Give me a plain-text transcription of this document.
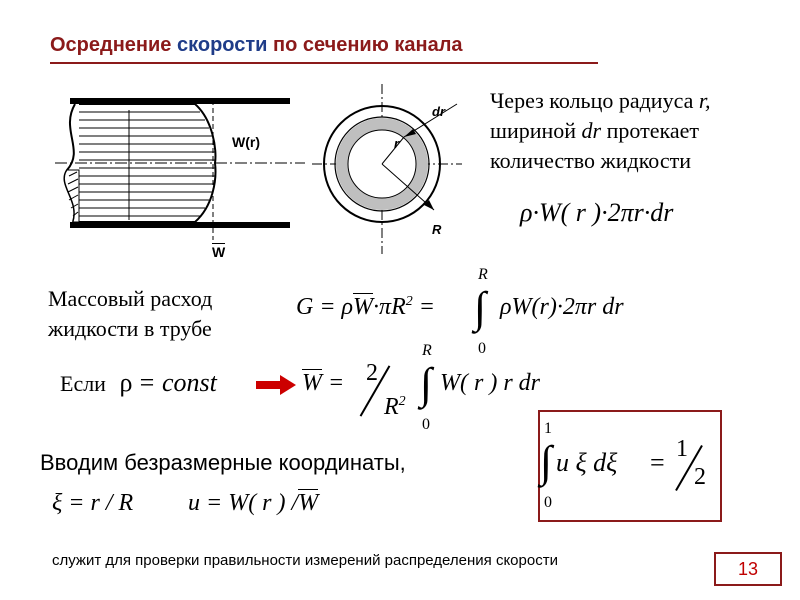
Осреднение скорости по сечению канала
W(r)
W
dr
r
R
Через кольцо радиуса r,
шириной dr протекает
количество жидкости
ρ·W( r )·2πr·dr
Массовый расход
жидкости в трубе
$G = \rho W\cdot\pi R^2$ = ∫
R
0
ρW(r)·2πr dr
Если ρ = const	W = 2
$R^2$ ∫
R
0
W( r ) r dr
Вводим безразмерные координаты,
ξ = r / R u = W( r ) /W
1
∫
0
u ξ dξ = 1
2
служит для проверки правильности измерений распределения скорости	13
